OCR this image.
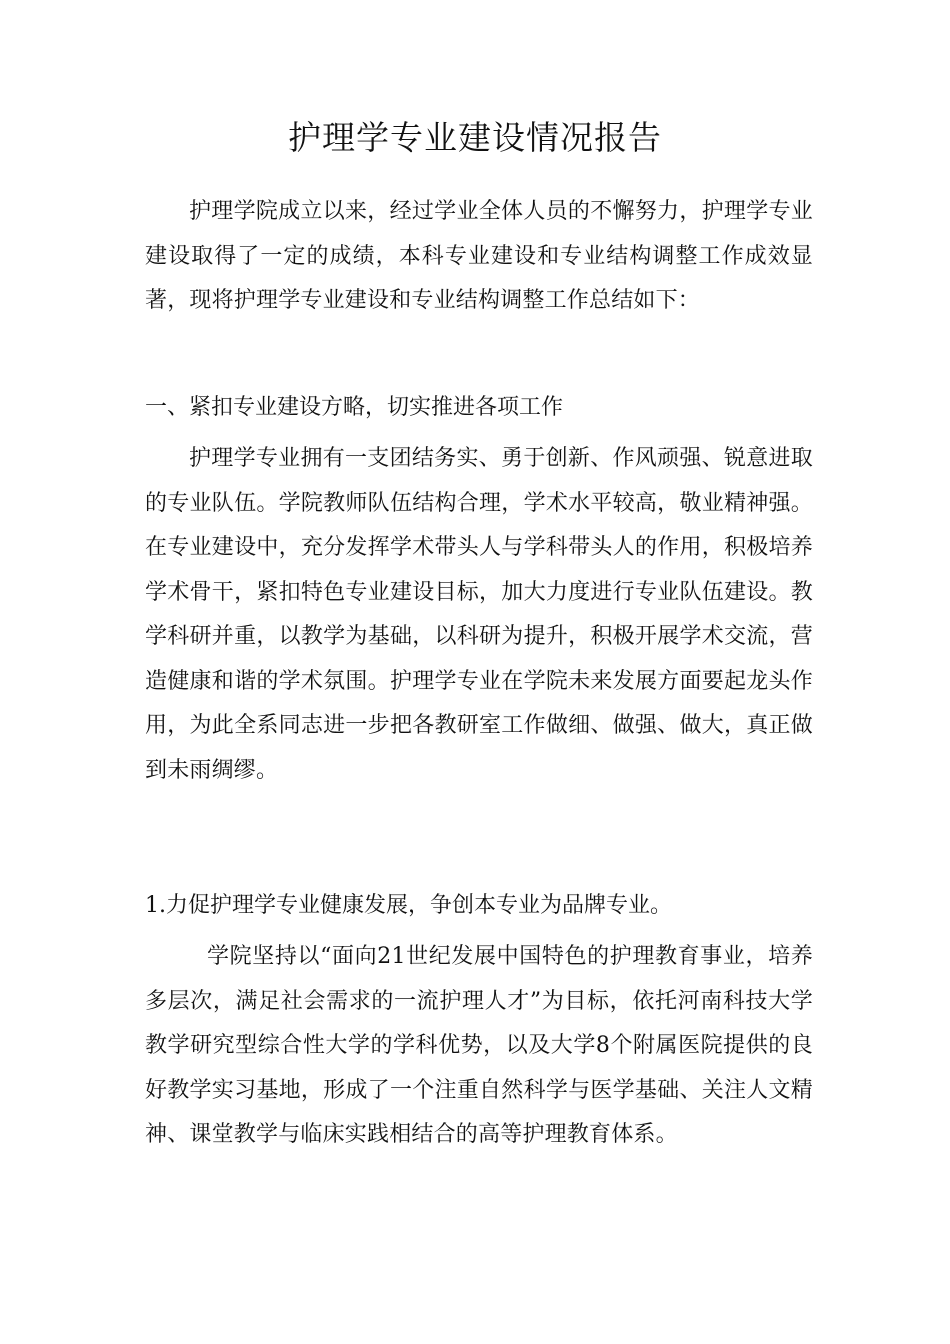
护理学专业建设情况报告

护理学院成立以来，经过学业全体人员的不懈努力，护理学专业建设取得了一定的成绩，本科专业建设和专业结构调整工作成效显著，现将护理学专业建设和专业结构调整工作总结如下：

一、紧扣专业建设方略，切实推进各项工作

护理学专业拥有一支团结务实、勇于创新、作风顽强、锐意进取的专业队伍。学院教师队伍结构合理，学术水平较高，敬业精神强。在专业建设中，充分发挥学术带头人与学科带头人的作用，积极培养学术骨干，紧扣特色专业建设目标，加大力度进行专业队伍建设。教学科研并重，以教学为基础，以科研为提升，积极开展学术交流，营造健康和谐的学术氛围。护理学专业在学院未来发展方面要起龙头作用，为此全系同志进一步把各教研室工作做细、做强、做大，真正做到未雨绸缪。

1.力促护理学专业健康发展，争创本专业为品牌专业。

学院坚持以“面向21世纪发展中国特色的护理教育事业，培养多层次，满足社会需求的一流护理人才”为目标，依托河南科技大学教学研究型综合性大学的学科优势，以及大学8个附属医院提供的良好教学实习基地，形成了一个注重自然科学与医学基础、关注人文精神、课堂教学与临床实践相结合的高等护理教育体系。
